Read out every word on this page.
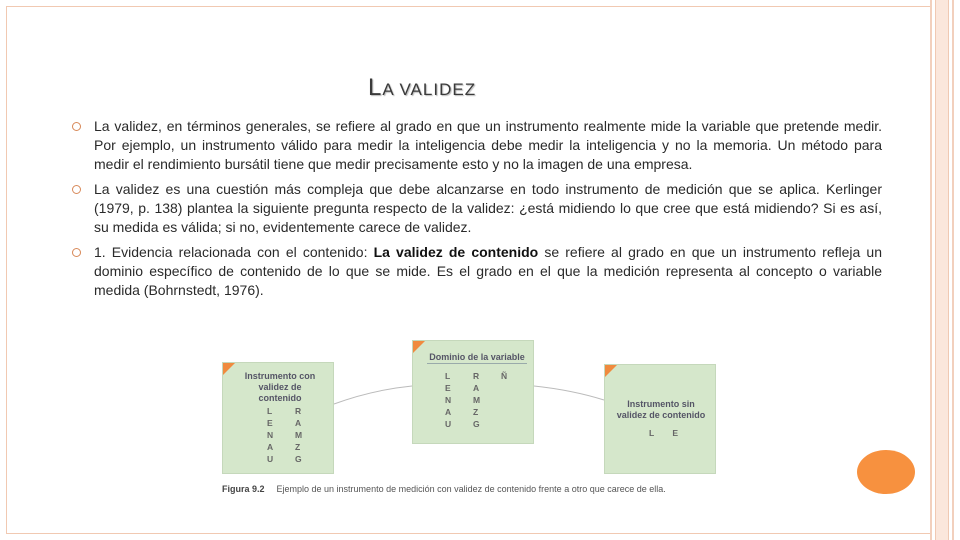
LA VALIDEZ
La validez, en términos generales, se refiere al grado en que un instrumento realmente mide la variable que pretende medir. Por ejemplo, un instrumento válido para medir la inteligencia debe medir la inteligencia y no la memoria. Un método para medir el rendimiento bursátil tiene que medir precisamente esto y no la imagen de una empresa.
La validez es una cuestión más compleja que debe alcanzarse en todo instrumento de medición que se aplica. Kerlinger (1979, p. 138) plantea la siguiente pregunta respecto de la validez: ¿está midiendo lo que cree que está midiendo? Si es así, su medida es válida; si no, evidentemente carece de validez.
1. Evidencia relacionada con el contenido: La validez de contenido se refiere al grado en que un instrumento refleja un dominio específico de contenido de lo que se mide. Es el grado en el que la medición representa al concepto o variable medida (Bohrnstedt, 1976).
Instrumento con validez de contenido
L E N A U
R A M Z G
Dominio de la variable
L E N A U
R A M Z G
Ñ
Instrumento sin validez de contenido
L E
Figura 9.2 Ejemplo de un instrumento de medición con validez de contenido frente a otro que carece de ella.
